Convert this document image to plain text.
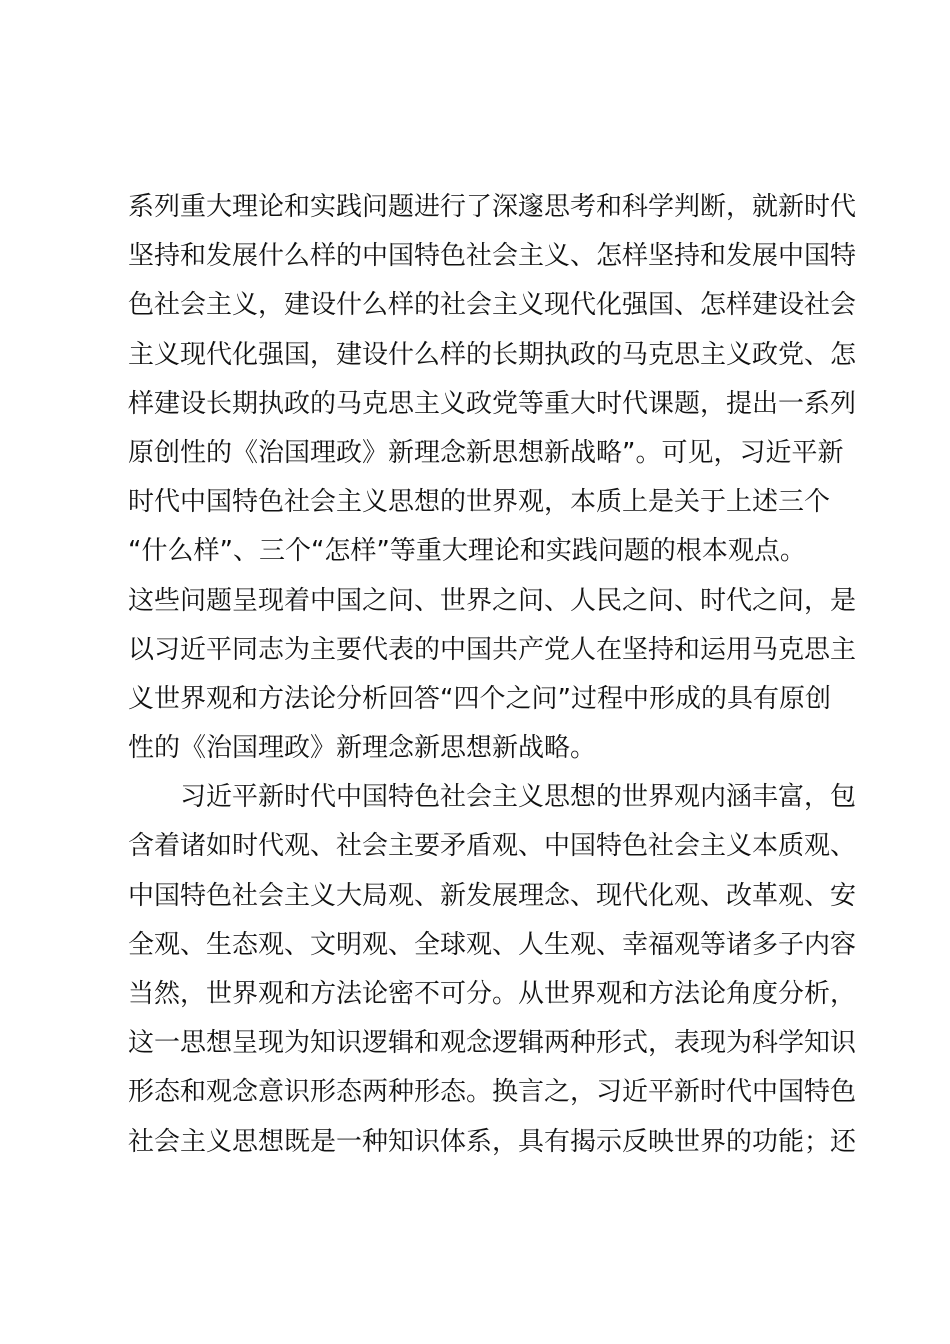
系列重大理论和实践问题进行了深邃思考和科学判断，就新时代
坚持和发展什么样的中国特色社会主义、怎样坚持和发展中国特
色社会主义，建设什么样的社会主义现代化强国、怎样建设社会
主义现代化强国，建设什么样的长期执政的马克思主义政党、怎
样建设长期执政的马克思主义政党等重大时代课题，提出一系列
原创性的《治国理政》新理念新思想新战略”。可见，习近平新
时代中国特色社会主义思想的世界观，本质上是关于上述三个
“什么样”、三个“怎样”等重大理论和实践问题的根本观点。
这些问题呈现着中国之问、世界之问、人民之问、时代之问，是
以习近平同志为主要代表的中国共产党人在坚持和运用马克思主
义世界观和方法论分析回答“四个之问”过程中形成的具有原创
性的《治国理政》新理念新思想新战略。
习近平新时代中国特色社会主义思想的世界观内涵丰富，包
含着诸如时代观、社会主要矛盾观、中国特色社会主义本质观、
中国特色社会主义大局观、新发展理念、现代化观、改革观、安
全观、生态观、文明观、全球观、人生观、幸福观等诸多子内容
当然，世界观和方法论密不可分。从世界观和方法论角度分析，
这一思想呈现为知识逻辑和观念逻辑两种形式，表现为科学知识
形态和观念意识形态两种形态。换言之，习近平新时代中国特色
社会主义思想既是一种知识体系，具有揭示反映世界的功能；还
